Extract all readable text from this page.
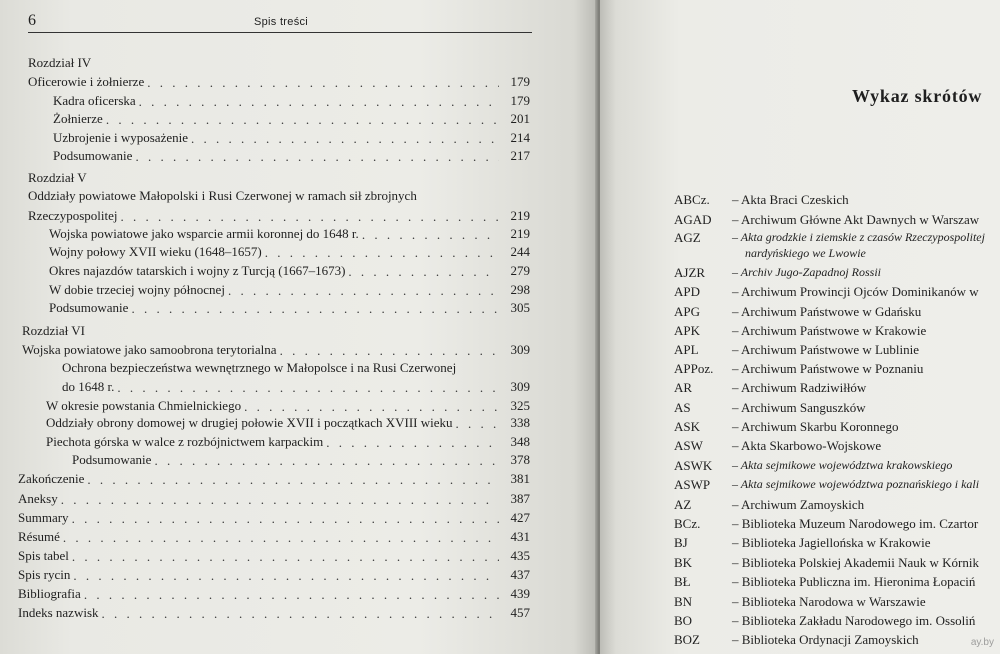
6	Spis treści
Rozdział IV
Oficerowie i żołnierze . . .	179
Kadra oficerska . . .	179
Żołnierze . . .	201
Uzbrojenie i wyposażenie . . .	214
Podsumowanie . . .	217
Rozdział V
Oddziały powiatowe Małopolski i Rusi Czerwonej w ramach sił zbrojnych
Rzeczypospolitej . . .	219
Wojska powiatowe jako wsparcie armii koronnej do 1648 r. . . .	219
Wojny połowy XVII wieku (1648–1657) . . .	244
Okres najazdów tatarskich i wojny z Turcją (1667–1673) . . .	279
W dobie trzeciej wojny północnej . . .	298
Podsumowanie . . .	305
Rozdział VI
Wojska powiatowe jako samoobrona terytorialna . . .	309
Ochrona bezpieczeństwa wewnętrznego w Małopolsce i na Rusi Czerwonej
do 1648 r. . . .	309
W okresie powstania Chmielnickiego . . .	325
Oddziały obrony domowej w drugiej połowie XVII i początkach XVIII wieku . . .	338
Piechota górska w walce z rozbójnictwem karpackim . . .	348
Podsumowanie . . .	378
Zakończenie . . .	381
Aneksy . . .	387
Summary . . .	427
Résumé . . .	431
Spis tabel . . .	435
Spis rycin . . .	437
Bibliografia . . .	439
Indeks nazwisk . . .	457
Wykaz skrótów
ABCz. – Akta Braci Czeskich
AGAD – Archiwum Główne Akt Dawnych w Warszaw
AGZ	– Akta grodzkie i ziemskie z czasów Rzeczypospolitej
nardyńskiego we Lwowie
AJZR – Archiv Jugo-Zapadnoj Rossii
APD – Archiwum Prowincji Ojców Dominikanów w
APG – Archiwum Państwowe w Gdańsku
APK – Archiwum Państwowe w Krakowie
APL	– Archiwum Państwowe w Lublinie
APPoz. – Archiwum Państwowe w Poznaniu
AR	– Archiwum Radziwiłłów
AS	– Archiwum Sanguszków
ASK – Archiwum Skarbu Koronnego
ASW – Akta Skarbowo-Wojskowe
ASWK – Akta sejmikowe województwa krakowskiego
ASWP – Akta sejmikowe województwa poznańskiego i kali
AZ	– Archiwum Zamoyskich
BCz. – Biblioteka Muzeum Narodowego im. Czartor
BJ	– Biblioteka Jagiellońska w Krakowie
BK	– Biblioteka Polskiej Akademii Nauk w Kórnik
BŁ	– Biblioteka Publiczna im. Hieronima Łopaciń
BN	– Biblioteka Narodowa w Warszawie
BO	– Biblioteka Zakładu Narodowego im. Ossoliń
BOZ – Biblioteka Ordynacji Zamoyskich	ay.by
